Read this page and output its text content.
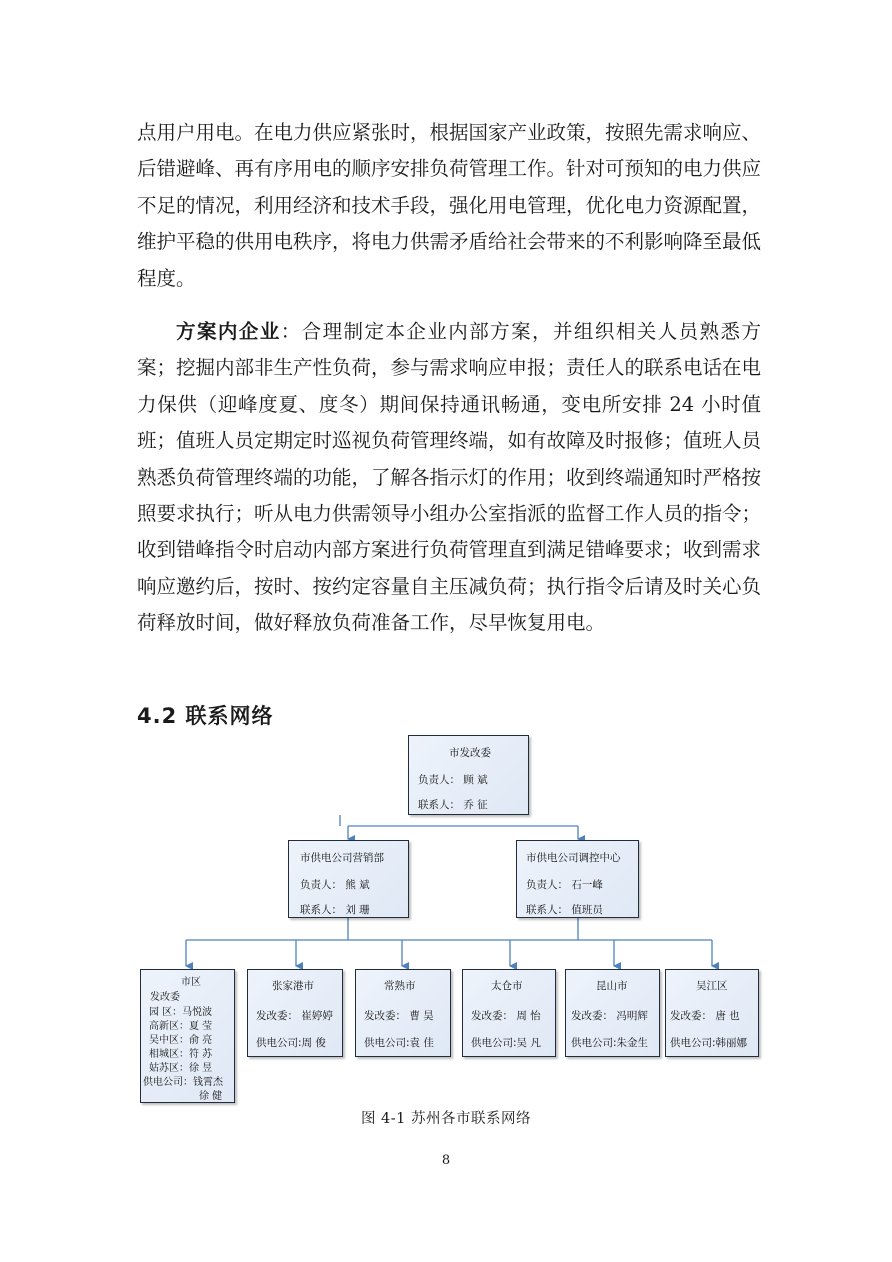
点用户用电。在电力供应紧张时，根据国家产业政策，按照先需求响应、后错避峰、再有序用电的顺序安排负荷管理工作。针对可预知的电力供应不足的情况，利用经济和技术手段，强化用电管理，优化电力资源配置，维护平稳的供用电秩序，将电力供需矛盾给社会带来的不利影响降至最低程度。

方案内企业：合理制定本企业内部方案，并组织相关人员熟悉方案；挖掘内部非生产性负荷，参与需求响应申报；责任人的联系电话在电力保供（迎峰度夏、度冬）期间保持通讯畅通，变电所安排 24 小时值班；值班人员定期定时巡视负荷管理终端，如有故障及时报修；值班人员熟悉负荷管理终端的功能，了解各指示灯的作用；收到终端通知时严格按照要求执行；听从电力供需领导小组办公室指派的监督工作人员的指令；收到错峰指令时启动内部方案进行负荷管理直到满足错峰要求；收到需求响应邀约后，按时、按约定容量自主压减负荷；执行指令后请及时关心负荷释放时间，做好释放负荷准备工作，尽早恢复用电。

4.2 联系网络
市发改委
负责人： 顾 斌
联系人： 乔 征
市供电公司营销部
负责人： 熊 斌
联系人： 刘 珊
市供电公司调控中心
负责人： 石一峰
联系人： 值班员
市区
发改委
园 区：马悦波
高新区：夏 莹
吴中区：俞 亮
相城区：符 苏
姑苏区：徐 昱
供电公司：钱霄杰
徐 健
张家港市
发改委： 崔婷婷
供电公司:周 俊
常熟市
发改委： 曹 昊
供电公司:袁 佳
太仓市
发改委： 周 怡
供电公司:吴 凡
昆山市
发改委： 冯明辉
供电公司:朱金生
吴江区
发改委： 唐 也
供电公司:韩丽娜
图 4-1 苏州各市联系网络
8
